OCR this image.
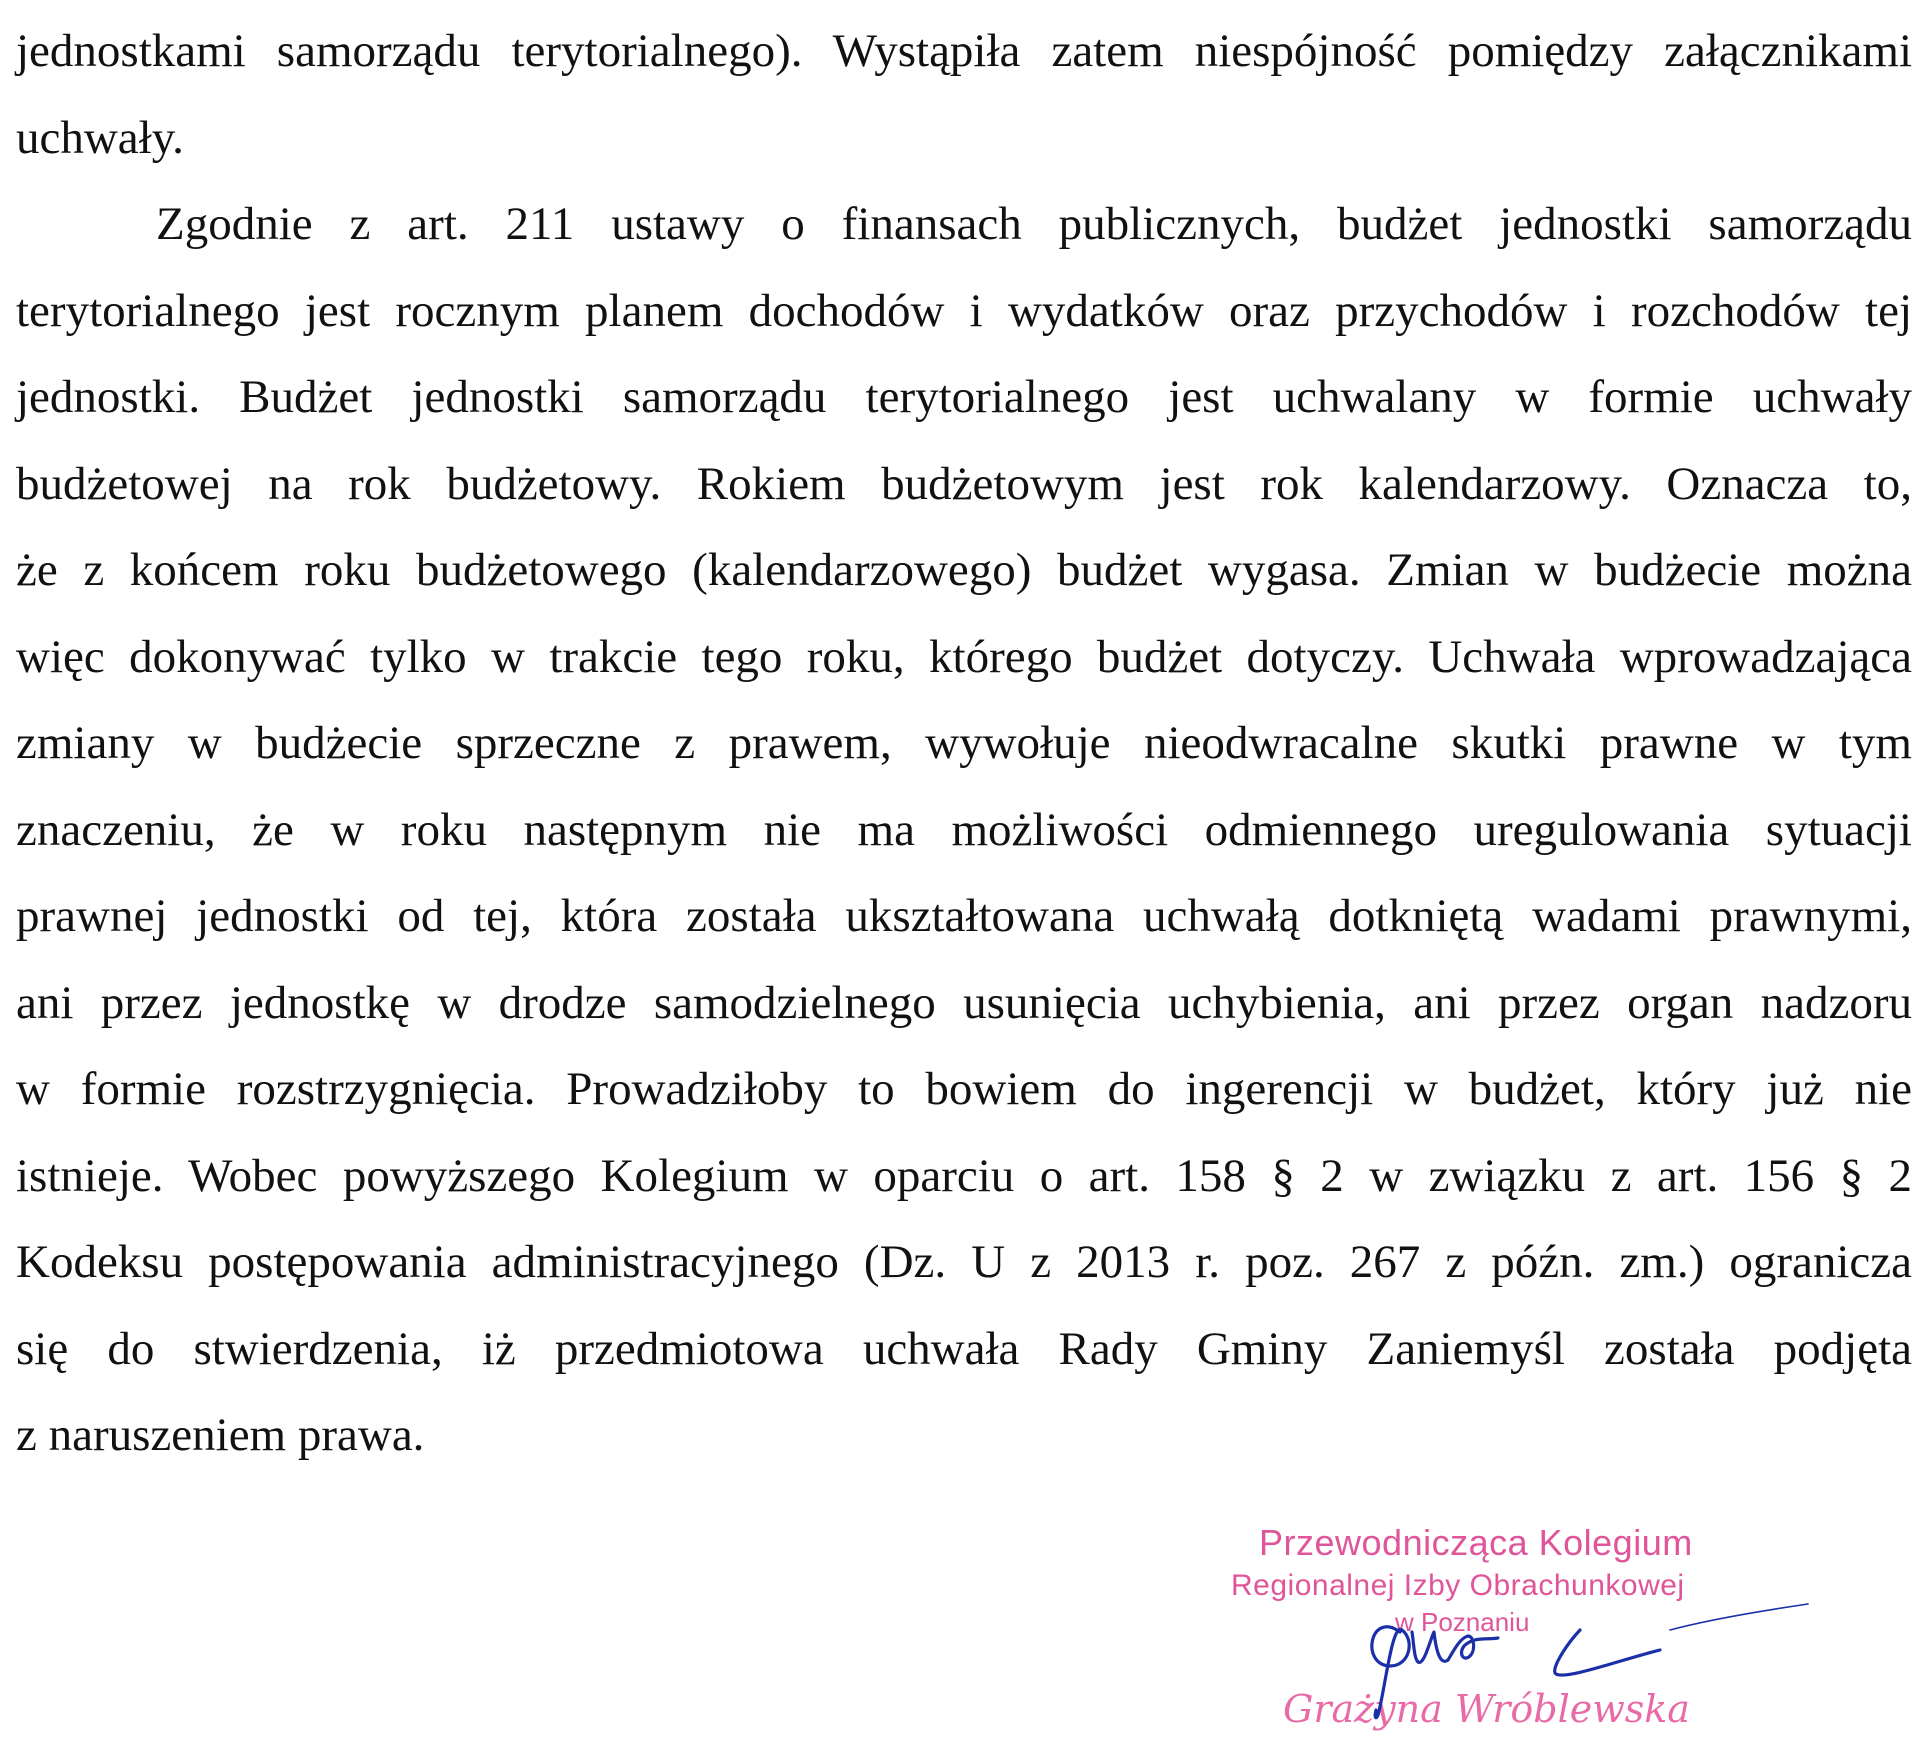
jednostkami samorządu terytorialnego). Wystąpiła zatem niespójność pomiędzy załącznikami
uchwały.
Zgodnie z art. 211 ustawy o finansach publicznych, budżet jednostki samorządu
terytorialnego jest rocznym planem dochodów i wydatków oraz przychodów i rozchodów tej
jednostki. Budżet jednostki samorządu terytorialnego jest uchwalany w formie uchwały
budżetowej na rok budżetowy. Rokiem budżetowym jest rok kalendarzowy. Oznacza to,
że z końcem roku budżetowego (kalendarzowego) budżet wygasa. Zmian w budżecie można
więc dokonywać tylko w trakcie tego roku, którego budżet dotyczy. Uchwała wprowadzająca
zmiany w budżecie sprzeczne z prawem, wywołuje nieodwracalne skutki prawne w tym
znaczeniu, że w roku następnym nie ma możliwości odmiennego uregulowania sytuacji
prawnej jednostki od tej, która została ukształtowana uchwałą dotkniętą wadami prawnymi,
ani przez jednostkę w drodze samodzielnego usunięcia uchybienia, ani przez organ nadzoru
w formie rozstrzygnięcia. Prowadziłoby to bowiem do ingerencji w budżet, który już nie
istnieje. Wobec powyższego Kolegium w oparciu o art. 158 § 2 w związku z art. 156 § 2
Kodeksu postępowania administracyjnego (Dz. U z 2013 r. poz. 267 z późn. zm.) ogranicza
się do stwierdzenia, iż przedmiotowa uchwała Rady Gminy Zaniemyśl została podjęta
z naruszeniem prawa.
Przewodnicząca Kolegium
Regionalnej Izby Obrachunkowej
w Poznaniu
Grażyna Wróblewska
